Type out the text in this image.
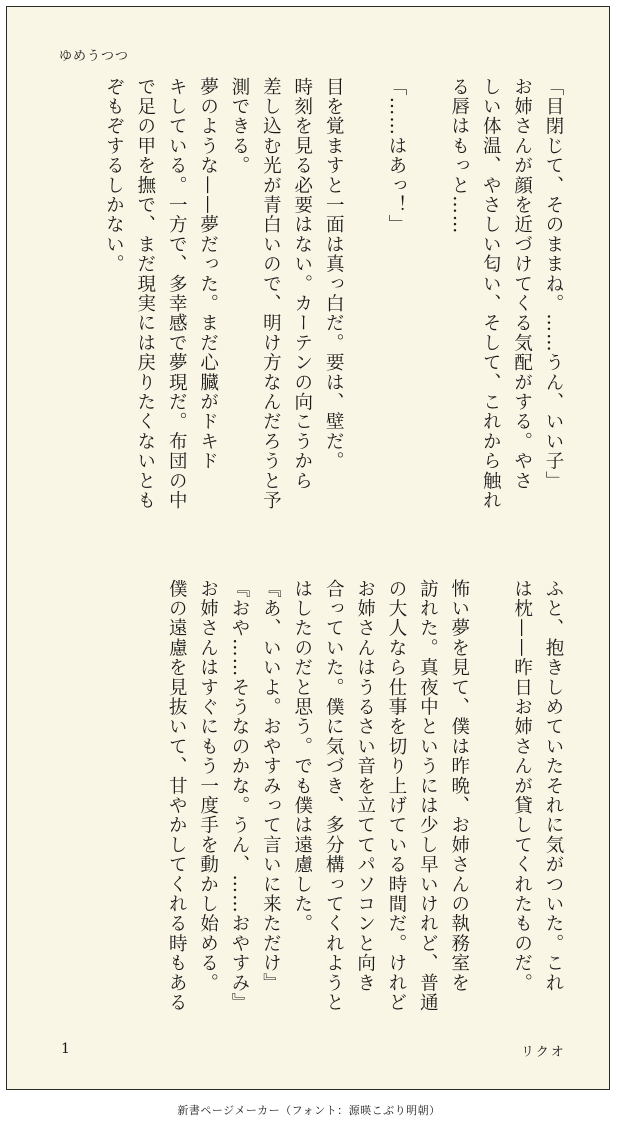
ゆめうつつ
「目閉じて、そのままね。……うん、いい子」
お姉さんが顔を近づけてくる気配がする。やさ
しい体温、やさしい匂い、そして、これから触れ
る唇はもっと……
「……はあっ！」
目を覚ますと一面は真っ白だ。要は、壁だ。
時刻を見る必要はない。カーテンの向こうから
差し込む光が青白いので、明け方なんだろうと予
測できる。
夢のような——夢だった。まだ心臓がドキド
キしている。一方で、多幸感で夢現だ。布団の中
で足の甲を撫で、まだ現実には戻りたくないとも
ぞもぞするしかない。
ふと、抱きしめていたそれに気がついた。これ
は枕——昨日お姉さんが貸してくれたものだ。
怖い夢を見て、僕は昨晩、お姉さんの執務室を
訪れた。真夜中というには少し早いけれど、普通
の大人なら仕事を切り上げている時間だ。けれど
お姉さんはうるさい音を立ててパソコンと向き
合っていた。僕に気づき、多分構ってくれようと
はしたのだと思う。でも僕は遠慮した。
『あ、いいよ。おやすみって言いに来ただけ』
『おや……そうなのかな。うん、……おやすみ』
お姉さんはすぐにもう一度手を動かし始める。
僕の遠慮を見抜いて、甘やかしてくれる時もある
1	リクオ
新書ページメーカー（フォント：源暎こぶり明朝）
